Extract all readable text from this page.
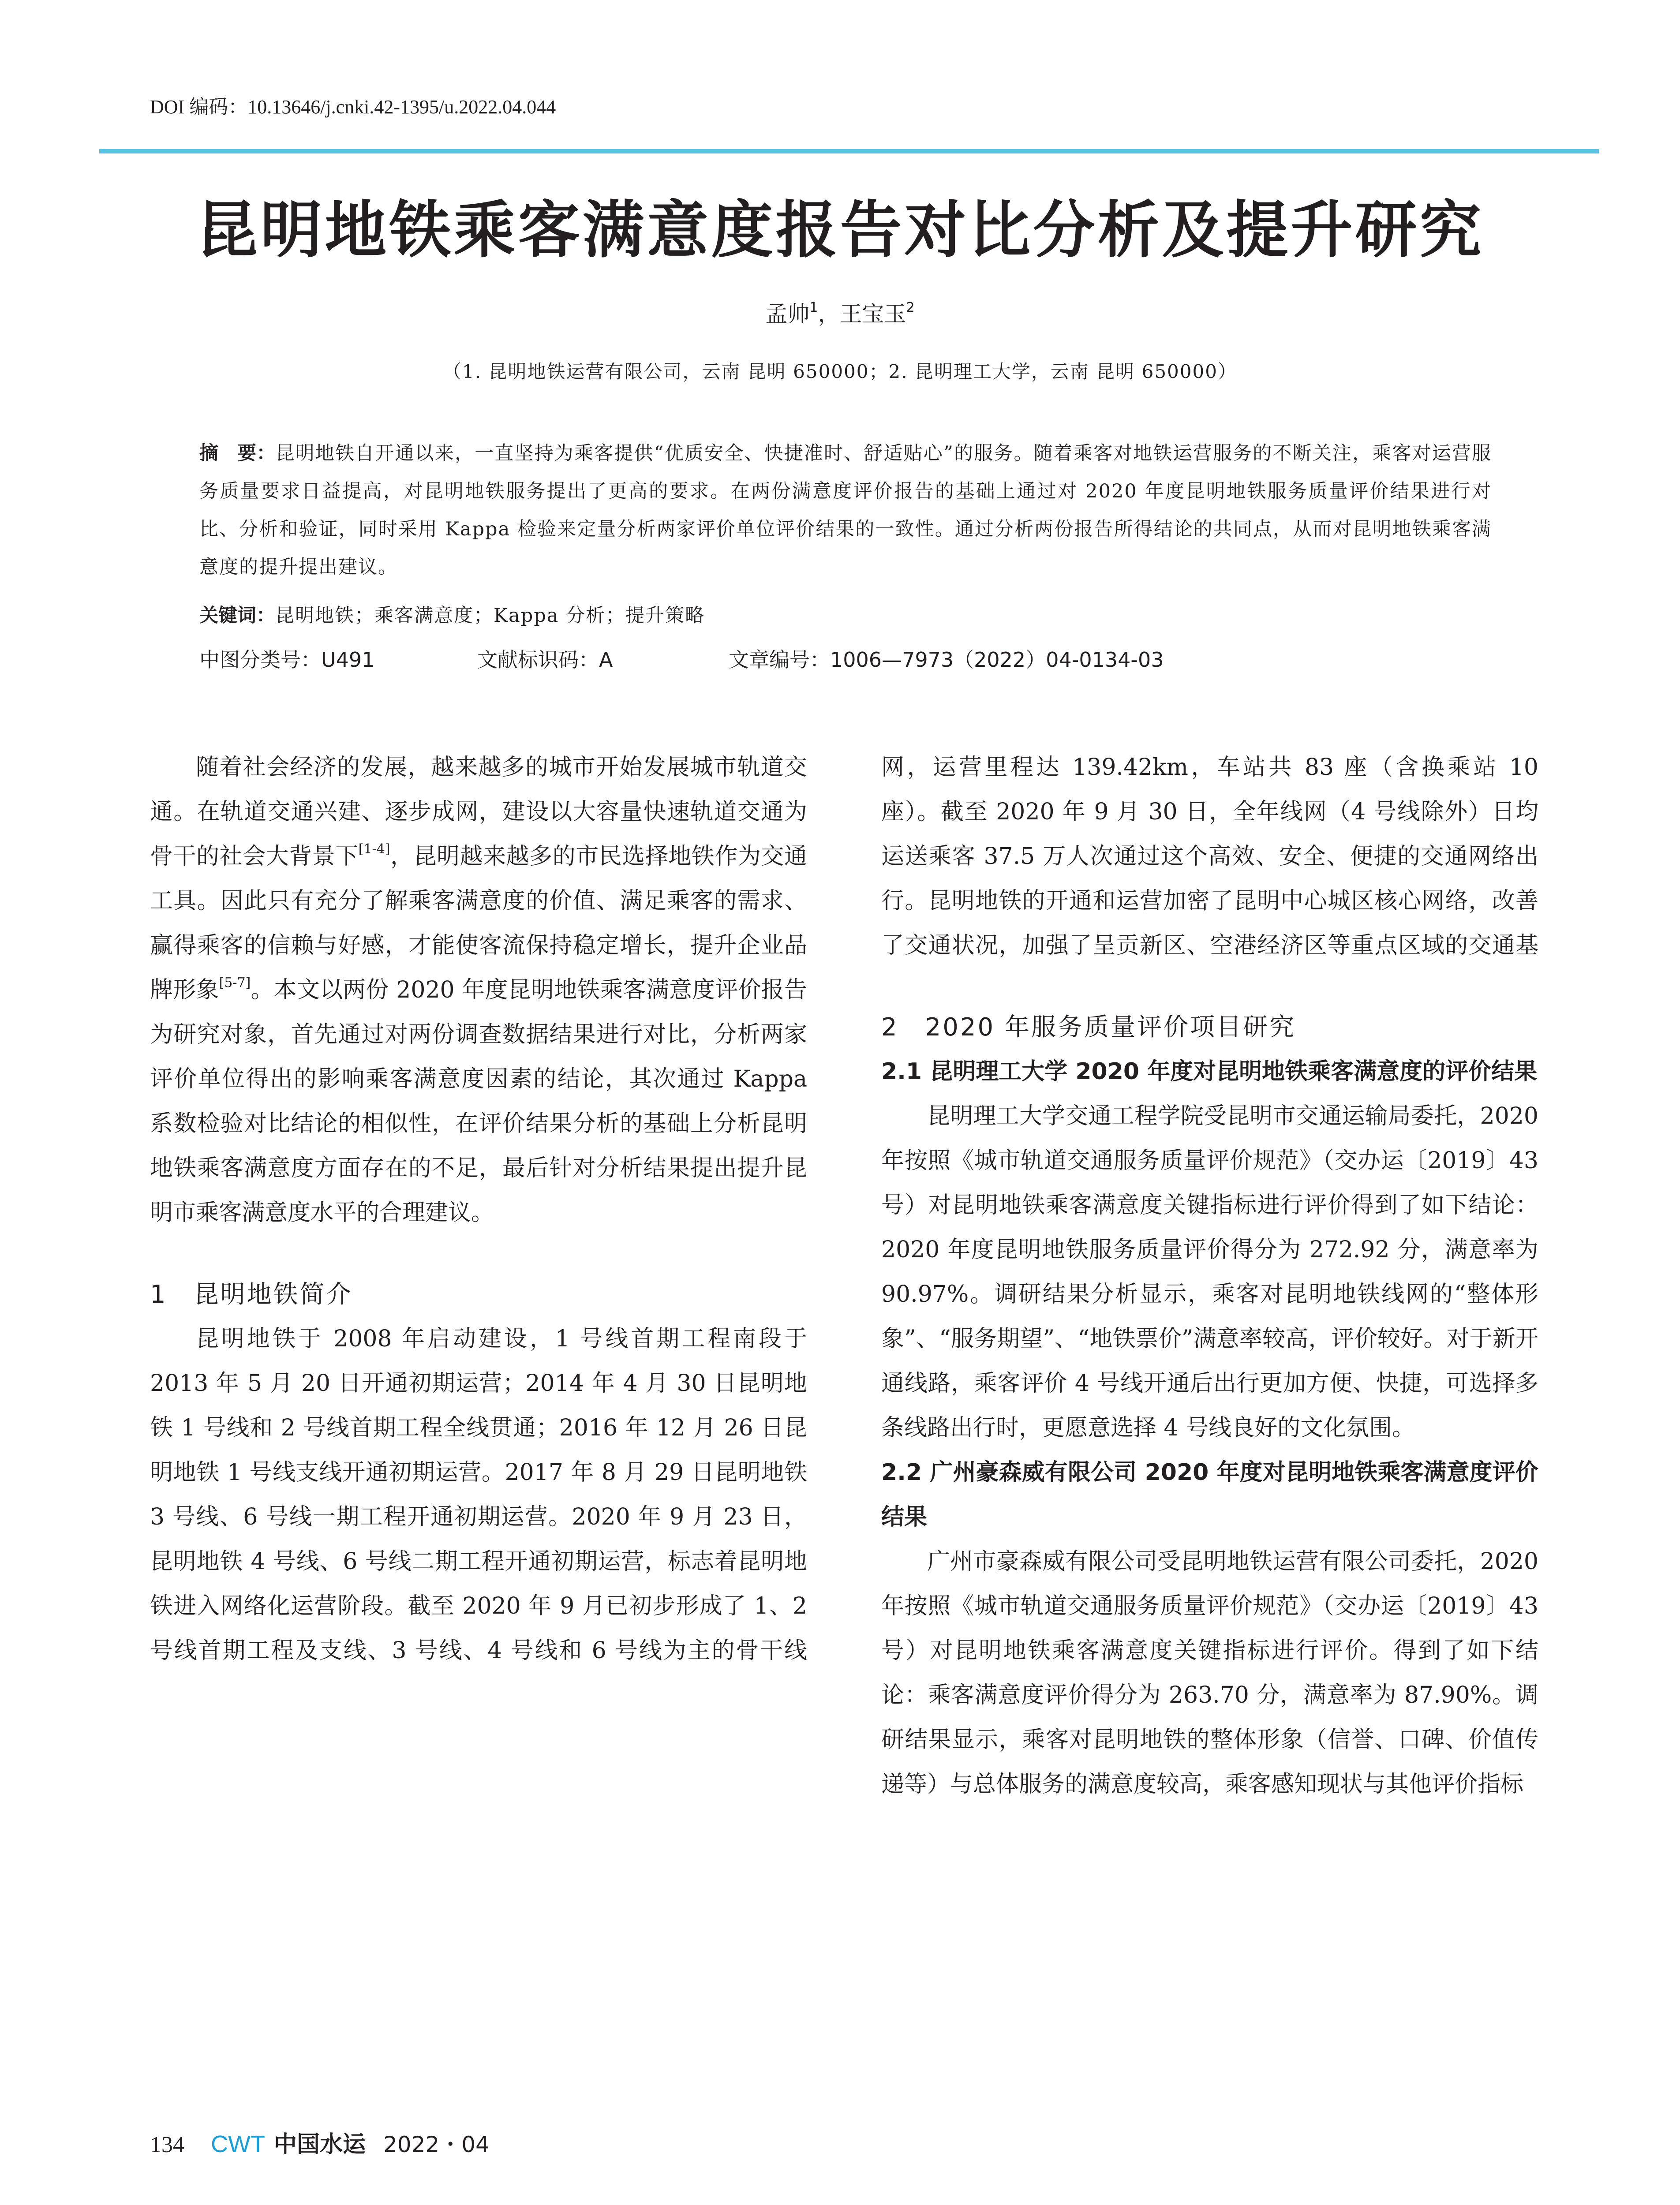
DOI 编码：10.13646/j.cnki.42-1395/u.2022.04.044
昆明地铁乘客满意度报告对比分析及提升研究
孟帅$^1$，王宝玉$^2$
（1. 昆明地铁运营有限公司，云南 昆明 650000；2. 昆明理工大学，云南 昆明 650000）
摘　要：昆明地铁自开通以来，一直坚持为乘客提供“优质安全、快捷准时、舒适贴心”的服务。随着乘客对地铁运营服务的不断关注，乘客对运营服务质量要求日益提高，对昆明地铁服务提出了更高的要求。在两份满意度评价报告的基础上通过对 2020 年度昆明地铁服务质量评价结果进行对比、分析和验证，同时采用 Kappa 检验来定量分析两家评价单位评价结果的一致性。通过分析两份报告所得结论的共同点，从而对昆明地铁乘客满意度的提升提出建议。
关键词：昆明地铁；乘客满意度；Kappa 分析；提升策略
中图分类号：U491	文献标识码：A	文章编号：1006—7973（2022）04-0134-03

随着社会经济的发展，越来越多的城市开始发展城市轨道交通。在轨道交通兴建、逐步成网，建设以大容量快速轨道交通为骨干的社会大背景下[1-4]，昆明越来越多的市民选择地铁作为交通工具。因此只有充分了解乘客满意度的价值、满足乘客的需求、赢得乘客的信赖与好感，才能使客流保持稳定增长，提升企业品牌形象[5-7]。本文以两份 2020 年度昆明地铁乘客满意度评价报告为研究对象，首先通过对两份调查数据结果进行对比，分析两家评价单位得出的影响乘客满意度因素的结论，其次通过 Kappa 系数检验对比结论的相似性，在评价结果分析的基础上分析昆明地铁乘客满意度方面存在的不足，最后针对分析结果提出提升昆明市乘客满意度水平的合理建议。

1　昆明地铁简介

昆明地铁于 2008 年启动建设，1 号线首期工程南段于 2013 年 5 月 20 日开通初期运营；2014 年 4 月 30 日昆明地铁 1 号线和 2 号线首期工程全线贯通；2016 年 12 月 26 日昆明地铁 1 号线支线开通初期运营。2017 年 8 月 29 日昆明地铁 3 号线、6 号线一期工程开通初期运营。2020 年 9 月 23 日，昆明地铁 4 号线、6 号线二期工程开通初期运营，标志着昆明地铁进入网络化运营阶段。截至 2020 年 9 月已初步形成了 1、2 号线首期工程及支线、3 号线、4 号线和 6 号线为主的骨干线

网，运营里程达 139.42km，车站共 83 座（含换乘站 10 座）。截至 2020 年 9 月 30 日，全年线网（4 号线除外）日均运送乘客 37.5 万人次通过这个高效、安全、便捷的交通网络出行。昆明地铁的开通和运营加密了昆明中心城区核心网络，改善了交通状况，加强了呈贡新区、空港经济区等重点区域的交通基

2　2020 年服务质量评价项目研究

2.1 昆明理工大学 2020 年度对昆明地铁乘客满意度的评价结果

昆明理工大学交通工程学院受昆明市交通运输局委托，2020 年按照《城市轨道交通服务质量评价规范》（交办运〔2019〕43 号）对昆明地铁乘客满意度关键指标进行评价得到了如下结论：2020 年度昆明地铁服务质量评价得分为 272.92 分，满意率为 90.97%。调研结果分析显示，乘客对昆明地铁线网的“整体形象”、“服务期望”、“地铁票价”满意率较高，评价较好。对于新开通线路，乘客评价 4 号线开通后出行更加方便、快捷，可选择多条线路出行时，更愿意选择 4 号线良好的文化氛围。

2.2 广州豪森威有限公司 2020 年度对昆明地铁乘客满意度评价结果

广州市豪森威有限公司受昆明地铁运营有限公司委托，2020 年按照《城市轨道交通服务质量评价规范》（交办运〔2019〕43 号）对昆明地铁乘客满意度关键指标进行评价。得到了如下结论：乘客满意度评价得分为 263.70 分，满意率为 87.90%。调研结果显示，乘客对昆明地铁的整体形象（信誉、口碑、价值传递等）与总体服务的满意度较高，乘客感知现状与其他评价指标

134 CWT 中国水运 2022・04
